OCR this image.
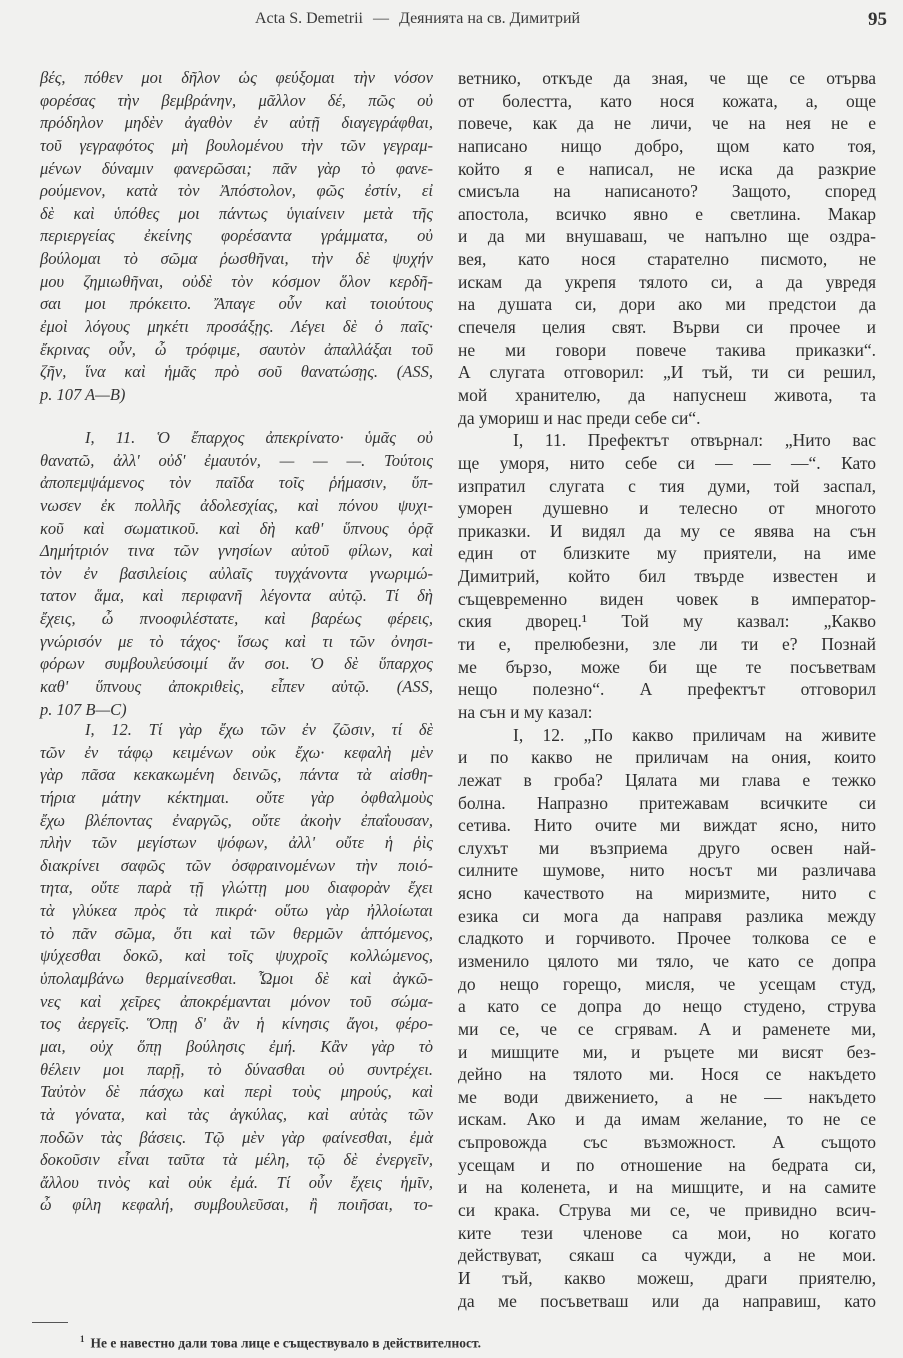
Acta S. Demetrii — Деянията на св. Димитрий	95
βές, πόθεν μοι δῆλον ὡς φεύξομαι τὴν νόσον
φορέσας τὴν βεμβράνην, μᾶλλον δέ, πῶς οὐ
πρόδηλον μηδὲν ἀγαθὸν ἐν αὐτῇ διαγεγράφθαι,
τοῦ γεγραφότος μὴ βουλομένου τὴν τῶν γεγραμ-
μένων δύναμιν φανερῶσαι; πᾶν γὰρ τὸ φανε-
ρούμενον, κατὰ τὸν Ἀπόστολον, φῶς ἐστίν, εἰ
δὲ καὶ ὑπόθες μοι πάντως ὑγιαίνειν μετὰ τῆς
περιεργείας ἐκείνης φορέσαντα γράμματα, οὐ
βούλομαι τὸ σῶμα ῥωσθῆναι, τὴν δὲ ψυχήν
μου ζημιωθῆναι, οὐδὲ τὸν κόσμον ὅλον κερδῆ-
σαι μοι πρόκειτο. Ἄπαγε οὖν καὶ τοιούτους
ἐμοὶ λόγους μηκέτι προσάξῃς. Λέγει δὲ ὁ παῖς·
ἔκρινας οὖν, ὦ τρόφιμε, σαυτὸν ἀπαλλάξαι τοῦ
ζῆν, ἵνα καὶ ἡμᾶς πρὸ σοῦ θανατώσῃς. (ASS,
p. 107 A—B)
I, 11. Ὁ ἔπαρχος ἀπεκρίνατο· ὑμᾶς οὐ
θανατῶ, ἀλλ' οὐδ' ἐμαυτόν, — — —. Τούτοις
ἀποπεμψάμενος τὸν παῖδα τοῖς ῥήμασιν, ὕπ-
νωσεν ἐκ πολλῆς ἀδολεσχίας, καὶ πόνου ψυχι-
κοῦ καὶ σωματικοῦ. καὶ δὴ καθ' ὕπνους ὁρᾷ
Δημήτριόν τινα τῶν γνησίων αὐτοῦ φίλων, καὶ
τὸν ἐν βασιλείοις αὐλαῖς τυγχάνοντα γνωριμώ-
τατον ἅμα, καὶ περιφανῆ λέγοντα αὐτῷ. Τί δὴ
ἔχεις, ὦ πνοοφιλέστατε, καὶ βαρέως φέρεις,
γνώρισόν με τὸ τάχος· ἴσως καὶ τι τῶν ὀνησι-
φόρων συμβουλεύσοιμί ἄν σοι. Ὁ δὲ ὕπαρχος
καθ' ὕπνους ἀποκριθεὶς, εἶπεν αὐτῷ. (ASS,
p. 107 B—C)
I, 12. Τί γὰρ ἔχω τῶν ἐν ζῶσιν, τί δὲ
τῶν ἐν τάφῳ κειμένων οὐκ ἔχω· κεφαλὴ μὲν
γὰρ πᾶσα κεκακωμένη δεινῶς, πάντα τὰ αἰσθη-
τήρια μάτην κέκτημαι. οὔτε γὰρ ὀφθαλμοὺς
ἔχω βλέποντας ἐναργῶς, οὔτε ἀκοὴν ἐπαΐουσαν,
πλὴν τῶν μεγίστων ψόφων, ἀλλ' οὔτε ἡ ῥὶς
διακρίνει σαφῶς τῶν ὀσφραινομένων τὴν ποιό-
τητα, οὔτε παρὰ τῇ γλώττῃ μου διαφορὰν ἔχει
τὰ γλύκεα πρὸς τὰ πικρά· οὕτω γὰρ ἠλλοίωται
τὸ πᾶν σῶμα, ὅτι καὶ τῶν θερμῶν ἁπτόμενος,
ψύχεσθαι δοκῶ, καὶ τοῖς ψυχροῖς κολλώμενος,
ὑπολαμβάνω θερμαίνεσθαι. Ὦμοι δὲ καὶ ἀγκῶ-
νες καὶ χεῖρες ἀποκρέμανται μόνον τοῦ σώμα-
τος ἀεργεῖς. Ὅπῃ δ' ἂν ἡ κίνησις ἄγοι, φέρο-
μαι, οὐχ ὅπῃ βούλησις ἐμή. Κἂν γὰρ τὸ
θέλειν μοι παρῇ, τὸ δύνασθαι οὐ συντρέχει.
Ταὐτὸν δὲ πάσχω καὶ περὶ τοὺς μηρούς, καὶ
τὰ γόνατα, καὶ τὰς ἀγκύλας, καὶ αὐτὰς τῶν
ποδῶν τὰς βάσεις. Τῷ μὲν γὰρ φαίνεσθαι, ἐμὰ
δοκοῦσιν εἶναι ταῦτα τὰ μέλη, τῷ δὲ ἐνεργεῖν,
ἄλλου τινὸς καὶ οὐκ ἐμά. Τί οὖν ἔχεις ἡμῖν,
ὦ φίλη κεφαλή, συμβουλεῦσαι, ἢ ποιῆσαι, το-
ветнико, откъде да зная, че ще се отърва
от болестта, като нося кожата, а, още
повече, как да не личи, че на нея не е
написано нищо добро, щом като тоя,
който я е написал, не иска да разкрие
смисъла на написаното? Защото, според
апостола, всичко явно е светлина. Макар
и да ми внушаваш, че напълно ще оздра-
вея, като нося старателно писмото, не
искам да укрепя тялото си, а да увредя
на душата си, дори ако ми предстои да
спечеля целия свят. Върви си прочее и
не ми говори повече такива приказки“.
А слугата отговорил: „И тъй, ти си решил,
мой хранителю, да напуснеш живота, та
да умориш и нас преди себе си“.
I, 11. Префектът отвърнал: „Нито вас
ще уморя, нито себе си — — —“. Като
изпратил слугата с тия думи, той заспал,
уморен душевно и телесно от многото
приказки. И видял да му се явява на сън
един от близките му приятели, на име
Димитрий, който бил твърде известен и
същевременно виден човек в император-
ския дворец.¹ Той му казвал: „Какво
ти е, прелюбезни, зле ли ти е? Познай
ме бързо, може би ще те посъветвам
нещо полезно“. А префектът отговорил
на сън и му казал:
I, 12. „По какво приличам на живите
и по какво не приличам на ония, които
лежат в гроба? Цялата ми глава е тежко
болна. Напразно притежавам всичките си
сетива. Нито очите ми виждат ясно, нито
слухът ми възприема друго освен най-
силните шумове, нито носът ми различава
ясно качеството на миризмите, нито с
езика си мога да направя разлика между
сладкото и горчивото. Прочее толкова се е
изменило цялото ми тяло, че като се допра
до нещо горещо, мисля, че усещам студ,
а като се допра до нещо студено, струва
ми се, че се сгрявам. А и раменете ми,
и мишците ми, и ръцете ми висят без-
дейно на тялото ми. Нося се накъдето
ме води движението, а не — накъдето
искам. Ако и да имам желание, то не се
съпровожда със възможност. А същото
усещам и по отношение на бедрата си,
и на коленета, и на мишците, и на самите
си крака. Струва ми се, че привидно всич-
ките тези членове са мои, но когато
действуват, сякаш са чужди, а не мои.
И тъй, какво можеш, драги приятелю,
да ме посъветваш или да направиш, като
$^1$ Не е навестно дали това лице е съществувало в действителност.
